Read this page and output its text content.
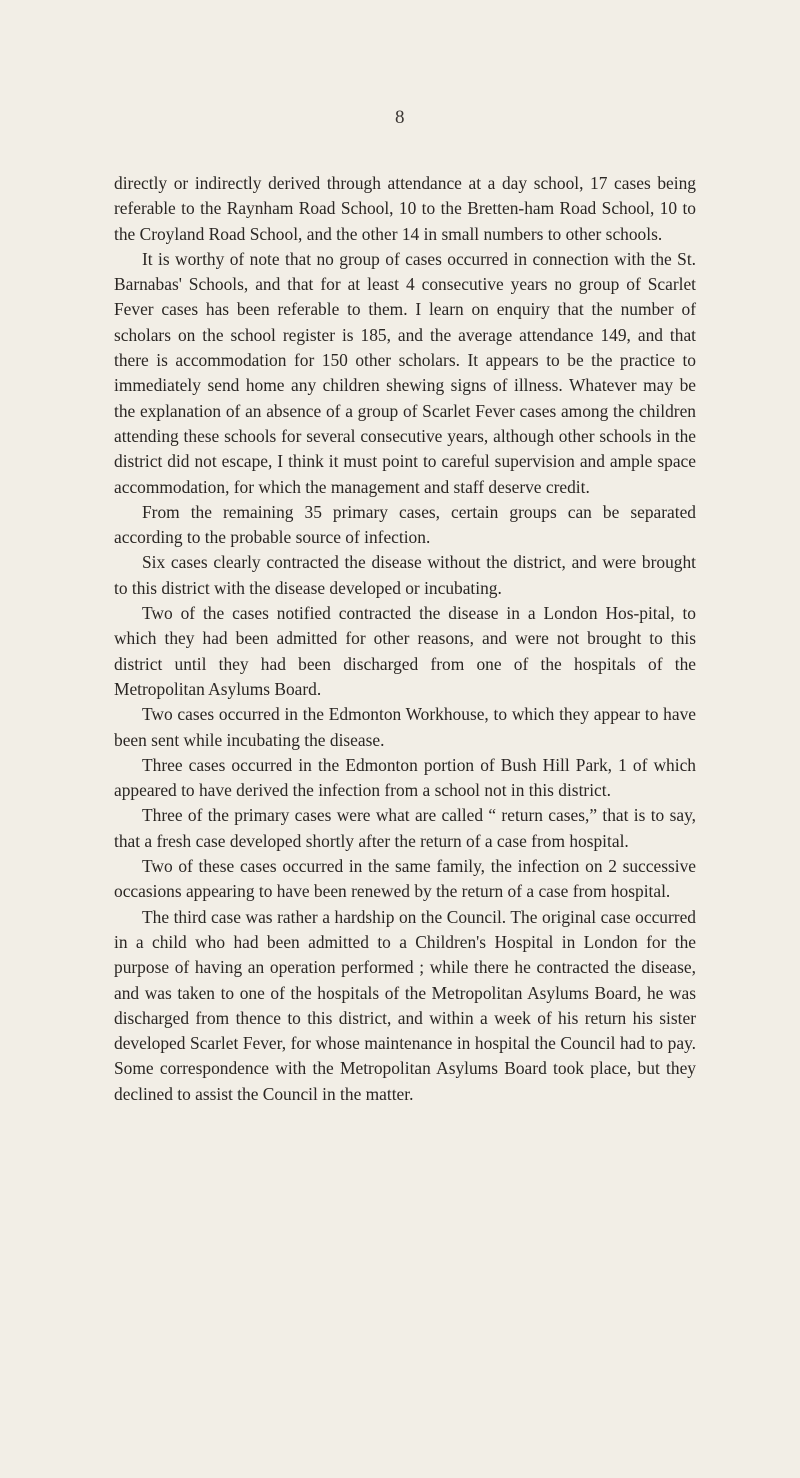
8

directly or indirectly derived through attendance at a day school, 17 cases being referable to the Raynham Road School, 10 to the Bretten-ham Road School, 10 to the Croyland Road School, and the other 14 in small numbers to other schools.

It is worthy of note that no group of cases occurred in connection with the St. Barnabas' Schools, and that for at least 4 consecutive years no group of Scarlet Fever cases has been referable to them. I learn on enquiry that the number of scholars on the school register is 185, and the average attendance 149, and that there is accommodation for 150 other scholars. It appears to be the practice to immediately send home any children shewing signs of illness. Whatever may be the explanation of an absence of a group of Scarlet Fever cases among the children attending these schools for several consecutive years, although other schools in the district did not escape, I think it must point to careful supervision and ample space accommodation, for which the management and staff deserve credit.

From the remaining 35 primary cases, certain groups can be separated according to the probable source of infection.

Six cases clearly contracted the disease without the district, and were brought to this district with the disease developed or incubating.

Two of the cases notified contracted the disease in a London Hos-pital, to which they had been admitted for other reasons, and were not brought to this district until they had been discharged from one of the hospitals of the Metropolitan Asylums Board.

Two cases occurred in the Edmonton Workhouse, to which they appear to have been sent while incubating the disease.

Three cases occurred in the Edmonton portion of Bush Hill Park, 1 of which appeared to have derived the infection from a school not in this district.

Three of the primary cases were what are called “ return cases,” that is to say, that a fresh case developed shortly after the return of a case from hospital.

Two of these cases occurred in the same family, the infection on 2 successive occasions appearing to have been renewed by the return of a case from hospital.

The third case was rather a hardship on the Council. The original case occurred in a child who had been admitted to a Children's Hospital in London for the purpose of having an operation performed ; while there he contracted the disease, and was taken to one of the hospitals of the Metropolitan Asylums Board, he was discharged from thence to this district, and within a week of his return his sister developed Scarlet Fever, for whose maintenance in hospital the Council had to pay. Some correspondence with the Metropolitan Asylums Board took place, but they declined to assist the Council in the matter.
